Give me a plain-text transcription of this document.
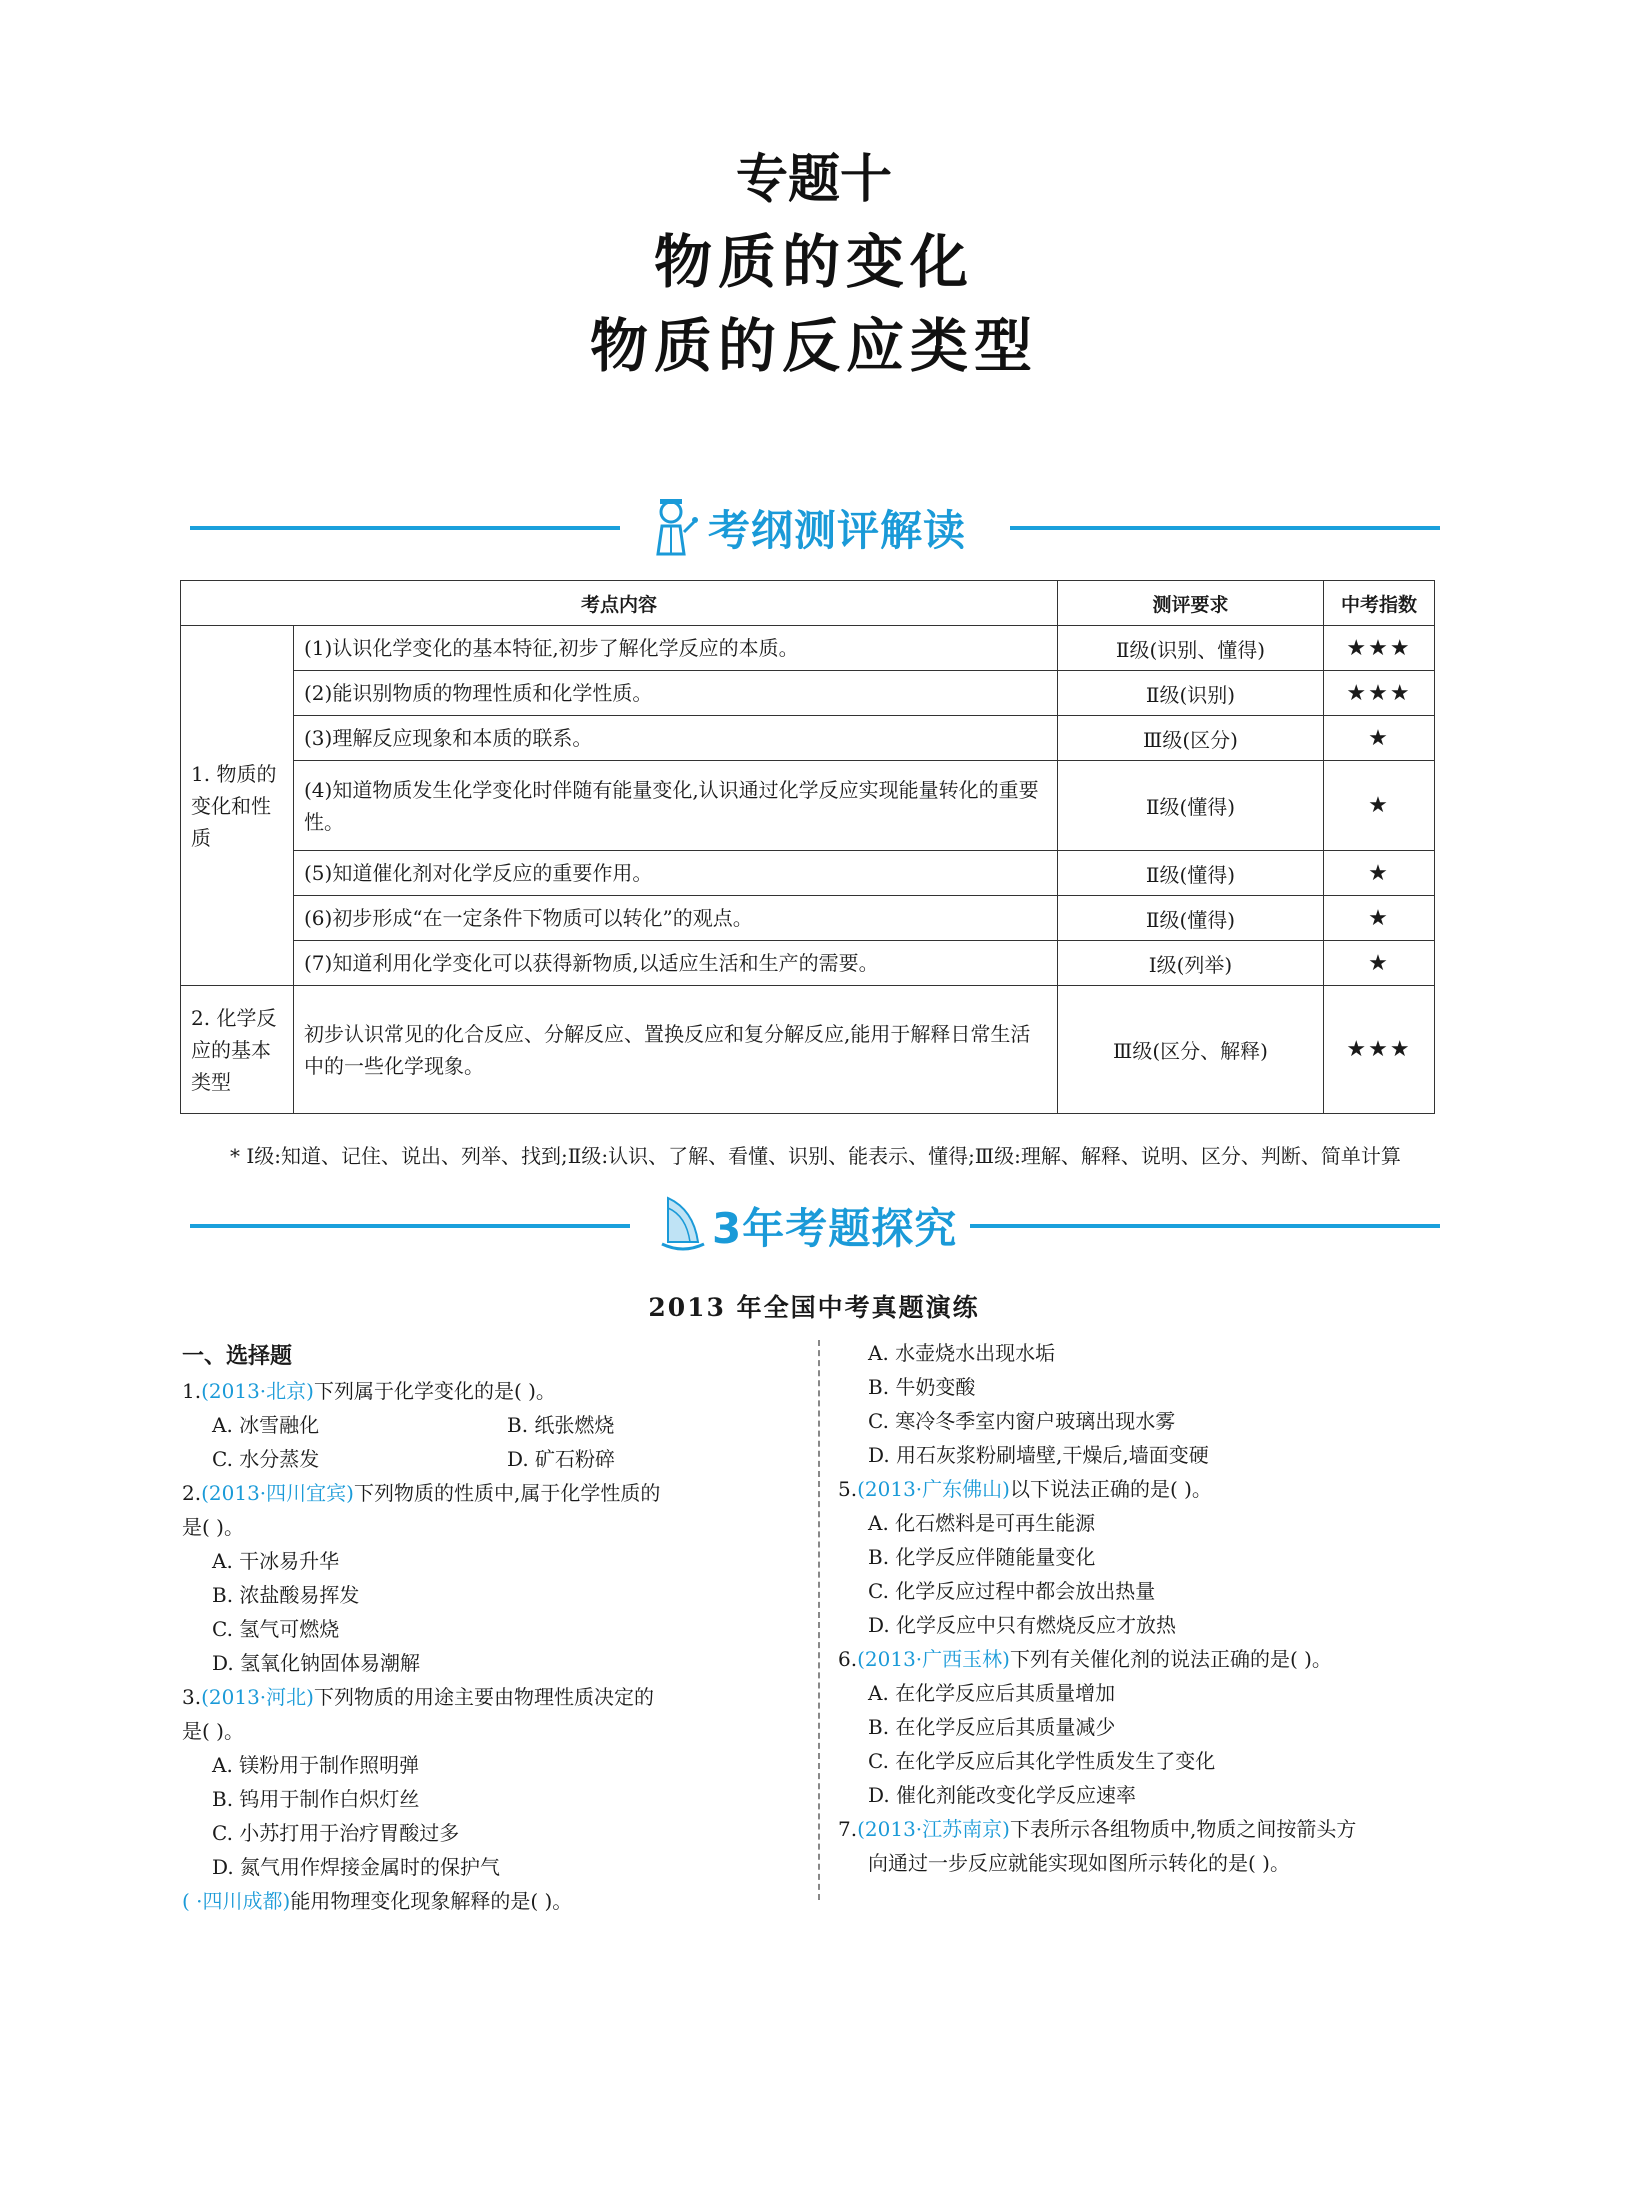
专题十
物质的变化
物质的反应类型
考纲测评解读
考点内容		测评要求	中考指数
1. 物质的变化和性质	(1)认识化学变化的基本特征,初步了解化学反应的本质。	Ⅱ级(识别、懂得)	★★★
	(2)能识别物质的物理性质和化学性质。	Ⅱ级(识别)	★★★
	(3)理解反应现象和本质的联系。	Ⅲ级(区分)	★
	(4)知道物质发生化学变化时伴随有能量变化,认识通过化学反应实现能量转化的重要性。	Ⅱ级(懂得)	★
	(5)知道催化剂对化学反应的重要作用。	Ⅱ级(懂得)	★
	(6)初步形成“在一定条件下物质可以转化”的观点。	Ⅱ级(懂得)	★
	(7)知道利用化学变化可以获得新物质,以适应生活和生产的需要。	Ⅰ级(列举)	★
2. 化学反应的基本类型	初步认识常见的化合反应、分解反应、置换反应和复分解反应,能用于解释日常生活中的一些化学现象。	Ⅲ级(区分、解释)	★★★
* Ⅰ级:知道、记住、说出、列举、找到;Ⅱ级:认识、了解、看懂、识别、能表示、懂得;Ⅲ级:理解、解释、说明、区分、判断、简单计算
3年考题探究
2013 年全国中考真题演练
一、选择题
1.(2013·北京)下列属于化学变化的是( )。
A. 冰雪融化	B. 纸张燃烧
C. 水分蒸发	D. 矿石粉碎
2.(2013·四川宜宾)下列物质的性质中,属于化学性质的
是( )。
A. 干冰易升华
B. 浓盐酸易挥发
C. 氢气可燃烧
D. 氢氧化钠固体易潮解
3.(2013·河北)下列物质的用途主要由物理性质决定的
是( )。
A. 镁粉用于制作照明弹
B. 钨用于制作白炽灯丝
C. 小苏打用于治疗胃酸过多
D. 氮气用作焊接金属时的保护气
( ·四川成都)能用物理变化现象解释的是( )。
A. 水壶烧水出现水垢
B. 牛奶变酸
C. 寒冷冬季室内窗户玻璃出现水雾
D. 用石灰浆粉刷墙壁,干燥后,墙面变硬
5.(2013·广东佛山)以下说法正确的是( )。
A. 化石燃料是可再生能源
B. 化学反应伴随能量变化
C. 化学反应过程中都会放出热量
D. 化学反应中只有燃烧反应才放热
6.(2013·广西玉林)下列有关催化剂的说法正确的是( )。
A. 在化学反应后其质量增加
B. 在化学反应后其质量减少
C. 在化学反应后其化学性质发生了变化
D. 催化剂能改变化学反应速率
7.(2013·江苏南京)下表所示各组物质中,物质之间按箭头方
向通过一步反应就能实现如图所示转化的是( )。
